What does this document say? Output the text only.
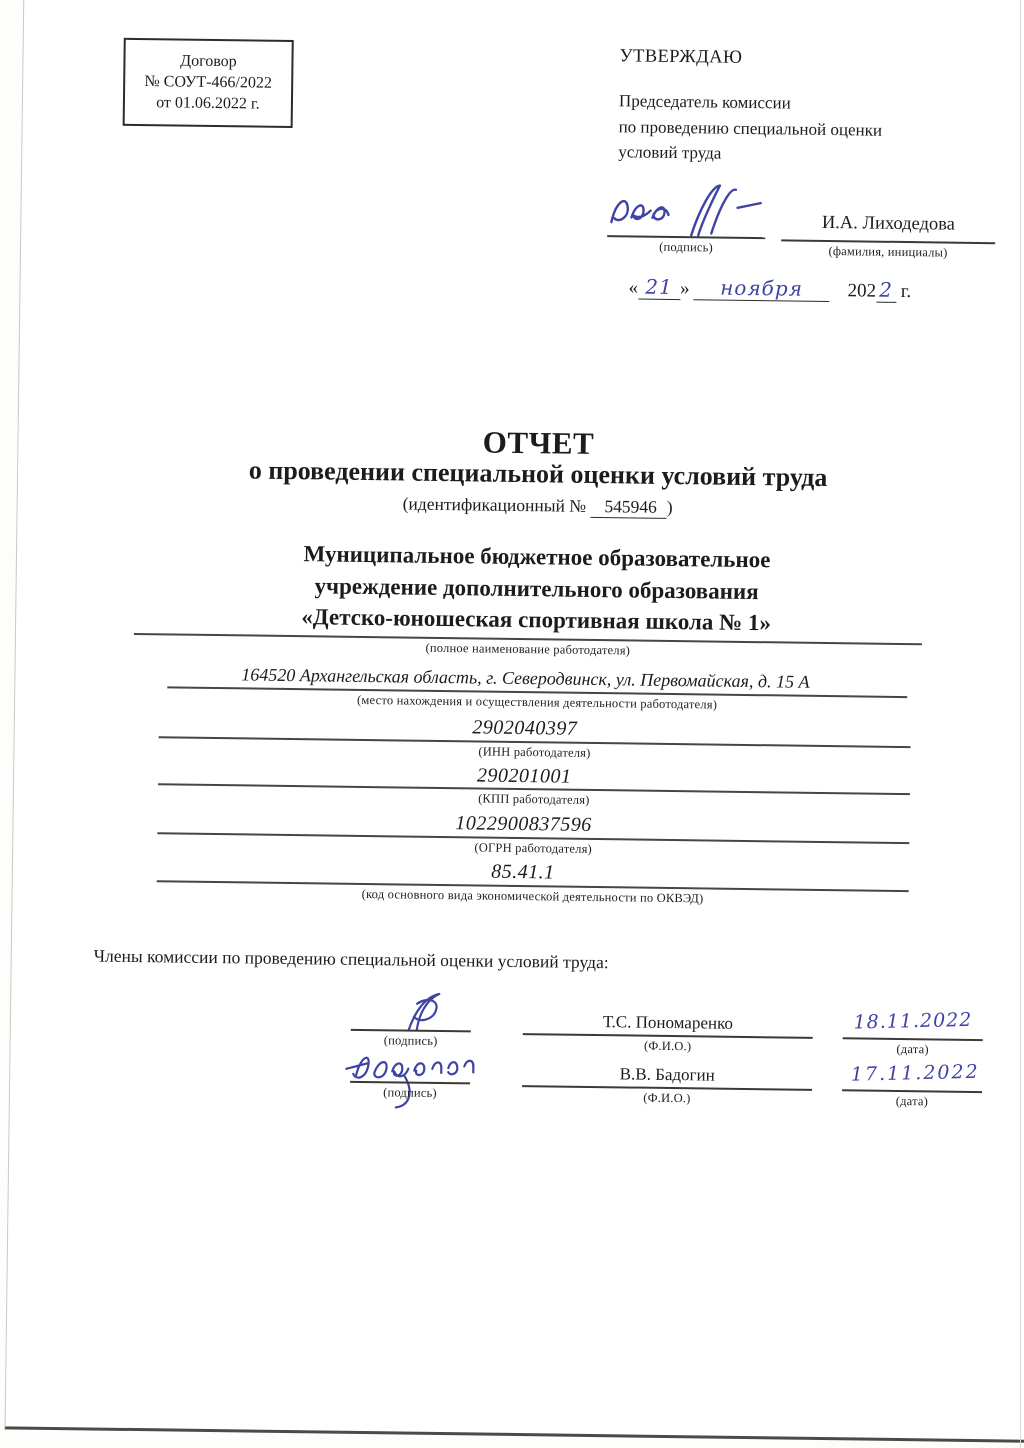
Договор
№ СОУТ-466/2022
от 01.06.2022 г.
УТВЕРЖДАЮ
Председатель комиссии
по проведению специальной оценки
условий труда
(подпись)
И.А. Лиходедова
(фамилия, инициалы)
« 21 » ноября 202 2 г.
ОТЧЕТ
о проведении специальной оценки условий труда
(идентификационный № 545946 )
Муниципальное бюджетное образовательное
учреждение дополнительного образования
«Детско-юношеская спортивная школа № 1»
(полное наименование работодателя)
164520 Архангельская область, г. Северодвинск, ул. Первомайская, д. 15 А
(место нахождения и осуществления деятельности работодателя)
2902040397
(ИНН работодателя)
290201001
(КПП работодателя)
1022900837596
(ОГРН работодателя)
85.41.1
(код основного вида экономической деятельности по ОКВЭД)
Члены комиссии по проведению специальной оценки условий труда:
(подпись)
Т.С. Пономаренко
(Ф.И.О.)
18.11.2022
(дата)
(подпись)
В.В. Бадогин
(Ф.И.О.)
17.11.2022
(дата)
